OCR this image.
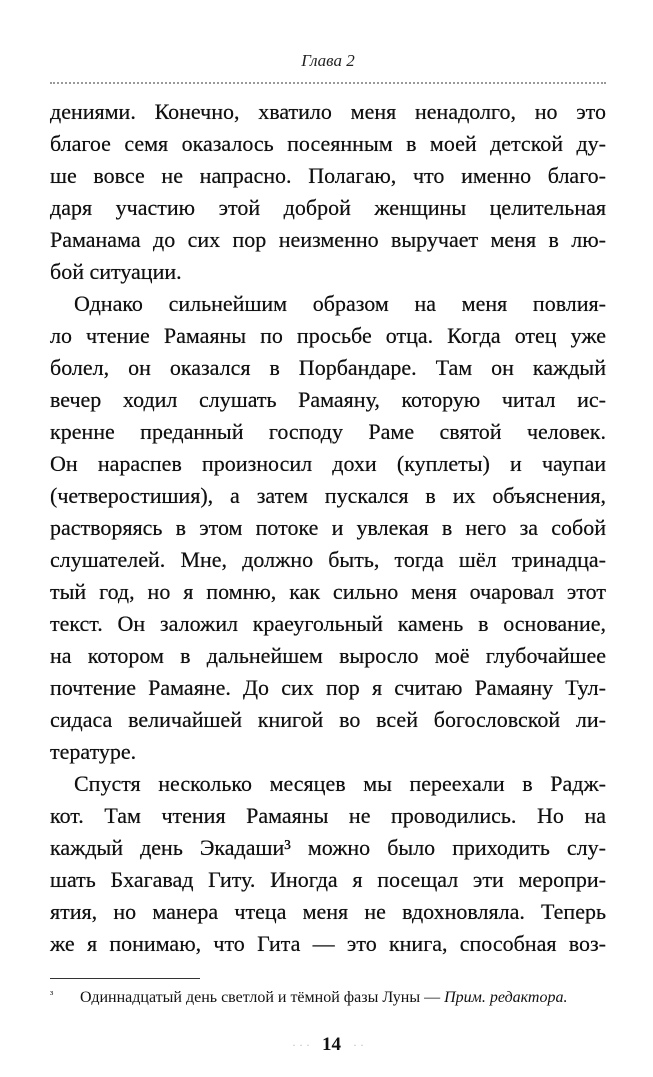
Глава 2
дениями. Конечно, хватило меня ненадолго, но это
благое семя оказалось посеянным в моей детской ду-
ше вовсе не напрасно. Полагаю, что именно благо-
даря участию этой доброй женщины целительная
Раманама до сих пор неизменно выручает меня в лю-
бой ситуации.
Однако сильнейшим образом на меня повлия-
ло чтение Рамаяны по просьбе отца. Когда отец уже
болел, он оказался в Порбандаре. Там он каждый
вечер ходил слушать Рамаяну, которую читал ис-
кренне преданный господу Раме святой человек.
Он нараспев произносил дохи (куплеты) и чаупаи
(четверостишия), а затем пускался в их объяснения,
растворяясь в этом потоке и увлекая в него за собой
слушателей. Мне, должно быть, тогда шёл тринадца-
тый год, но я помню, как сильно меня очаровал этот
текст. Он заложил краеугольный камень в основание,
на котором в дальнейшем выросло моё глубочайшее
почтение Рамаяне. До сих пор я считаю Рамаяну Тул-
сидаса величайшей книгой во всей богословской ли-
тературе.
Спустя несколько месяцев мы переехали в Радж-
кот. Там чтения Рамаяны не проводились. Но на
каждый день Экадаши³ можно было приходить слу-
шать Бхагавад Гиту. Иногда я посещал эти меропри-
ятия, но манера чтеца меня не вдохновляла. Теперь
же я понимаю, что Гита — это книга, способная воз-
³	Одиннадцатый день светлой и тёмной фазы Луны — Прим. редактора.
· · · 14 · ·
